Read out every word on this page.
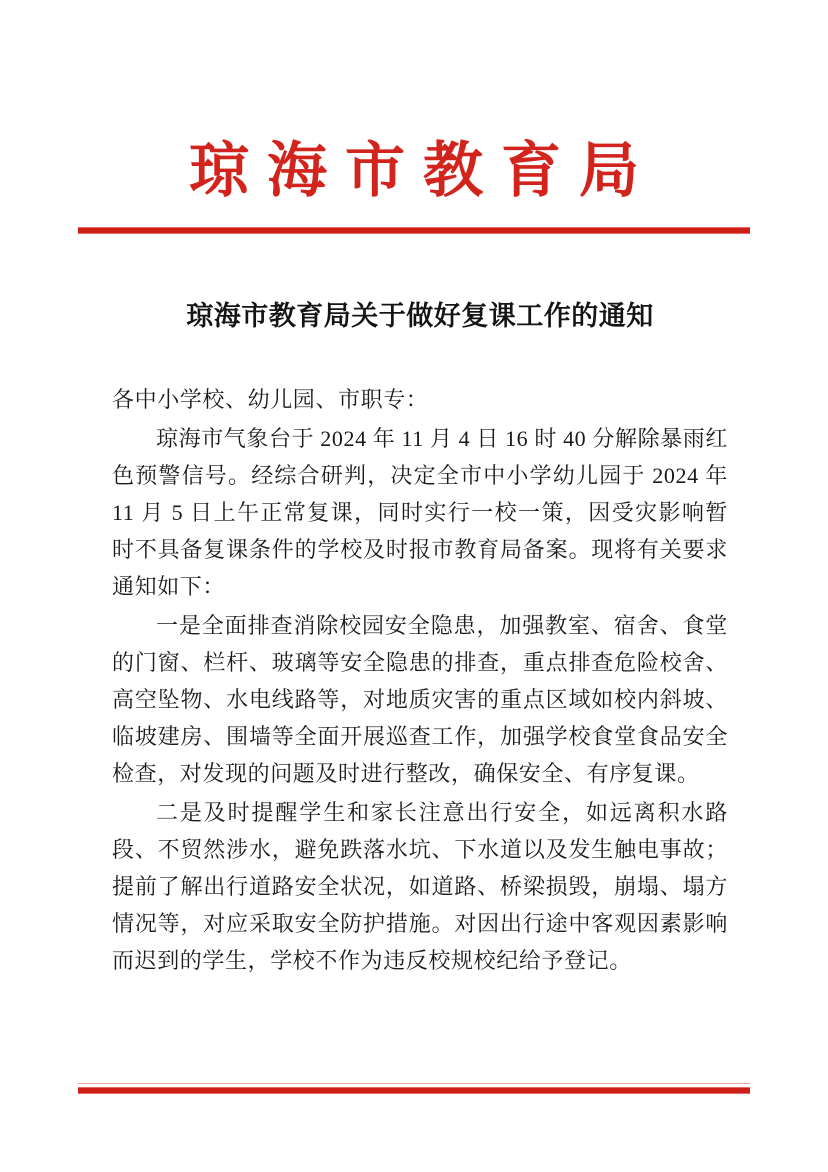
琼海市教育局
琼海市教育局关于做好复课工作的通知

各中小学校、幼儿园、市职专：

琼海市气象台于 2024 年 11 月 4 日 16 时 40 分解除暴雨红色预警信号。经综合研判，决定全市中小学幼儿园于 2024 年 11 月 5 日上午正常复课，同时实行一校一策，因受灾影响暂时不具备复课条件的学校及时报市教育局备案。现将有关要求通知如下：

一是全面排查消除校园安全隐患，加强教室、宿舍、食堂的门窗、栏杆、玻璃等安全隐患的排查，重点排查危险校舍、高空坠物、水电线路等，对地质灾害的重点区域如校内斜坡、临坡建房、围墙等全面开展巡查工作，加强学校食堂食品安全检查，对发现的问题及时进行整改，确保安全、有序复课。

二是及时提醒学生和家长注意出行安全，如远离积水路段、不贸然涉水，避免跌落水坑、下水道以及发生触电事故；提前了解出行道路安全状况，如道路、桥梁损毁，崩塌、塌方情况等，对应采取安全防护措施。对因出行途中客观因素影响而迟到的学生，学校不作为违反校规校纪给予登记。
